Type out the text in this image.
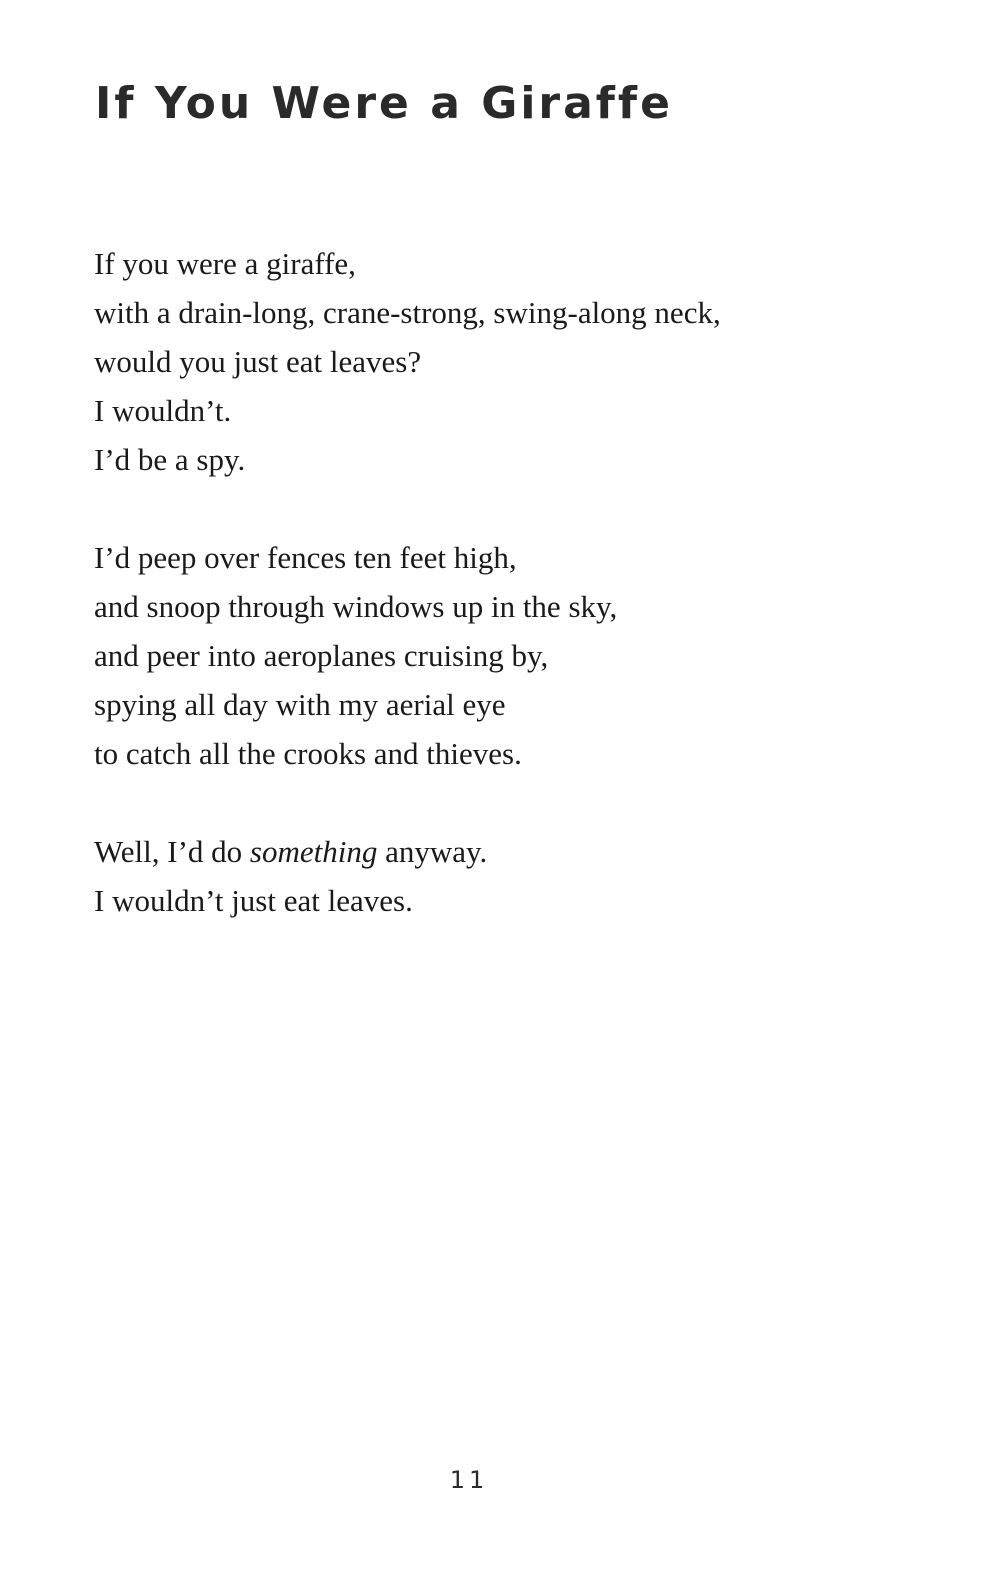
If You Were a Giraffe

If you were a giraffe,
with a drain-long, crane-strong, swing-along neck,
would you just eat leaves?
I wouldn’t.
I’d be a spy.

I’d peep over fences ten feet high,
and snoop through windows up in the sky,
and peer into aeroplanes cruising by,
spying all day with my aerial eye
to catch all the crooks and thieves.

Well, I’d do something anyway.
I wouldn’t just eat leaves.

11
